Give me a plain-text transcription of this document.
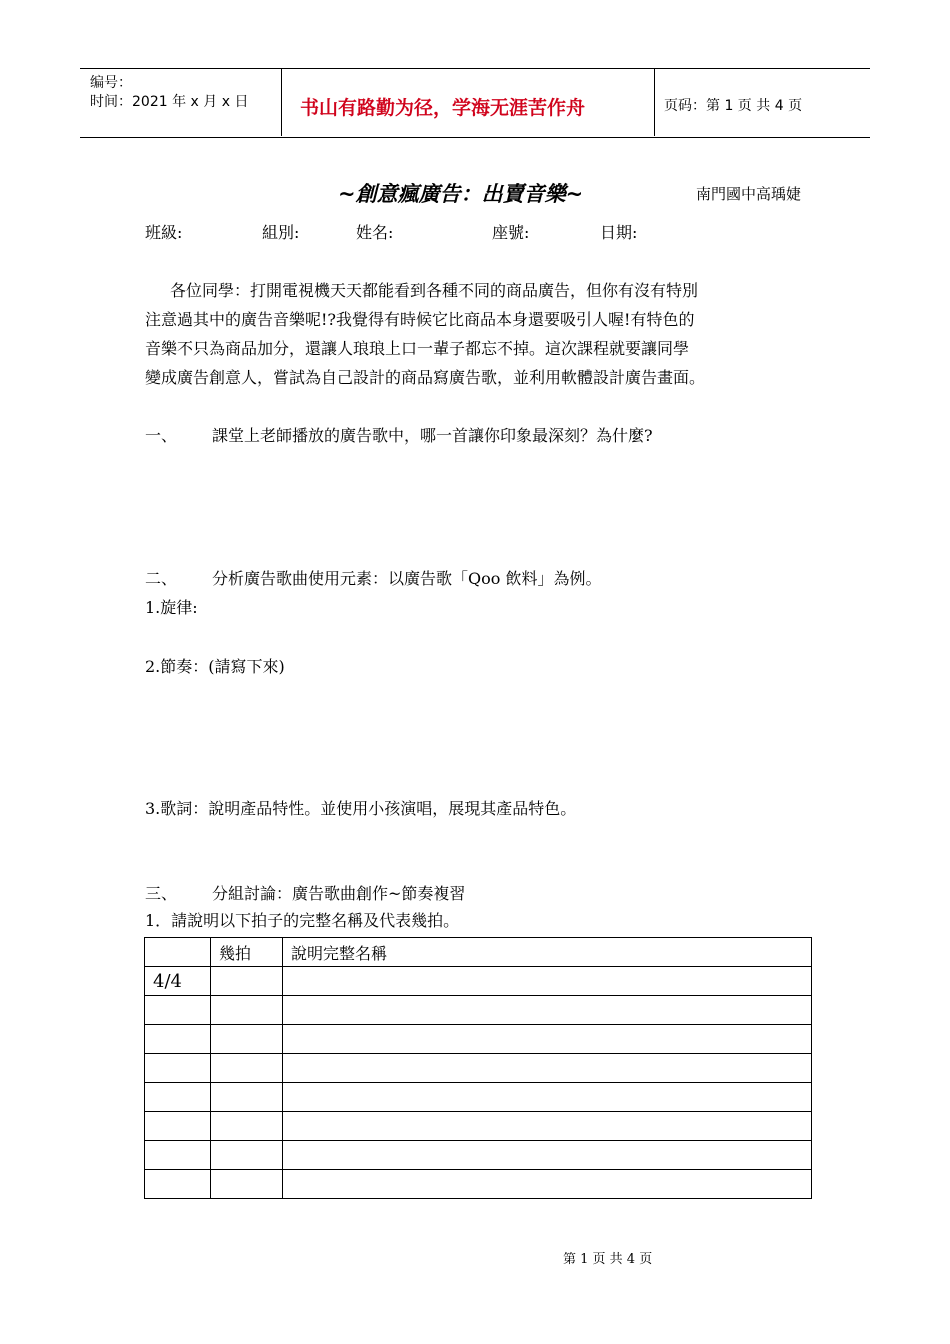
编号：
时间：2021 年 x 月 x 日	书山有路勤为径，学海无涯苦作舟	页码：第 1 页 共 4 页
~創意瘋廣告：出賣音樂~	南門國中高瑀婕
班級:	組別:	姓名:	座號:	日期:
各位同學：打開電視機天天都能看到各種不同的商品廣告，但你有沒有特別
注意過其中的廣告音樂呢!?我覺得有時候它比商品本身還要吸引人喔!有特色的
音樂不只為商品加分，還讓人琅琅上口一輩子都忘不掉。這次課程就要讓同學
變成廣告創意人，嘗試為自己設計的商品寫廣告歌，並利用軟體設計廣告畫面。
一、 課堂上老師播放的廣告歌中，哪一首讓你印象最深刻？為什麼?
二、 分析廣告歌曲使用元素：以廣告歌「Qoo 飲料」為例。
1.旋律:
2.節奏：(請寫下來)
3.歌詞：說明產品特性。並使用小孩演唱，展現其產品特色。
三、 分組討論：廣告歌曲創作~節奏複習
1．請說明以下拍子的完整名稱及代表幾拍。
	幾拍	說明完整名稱
4/4		

第 1 页 共 4 页
